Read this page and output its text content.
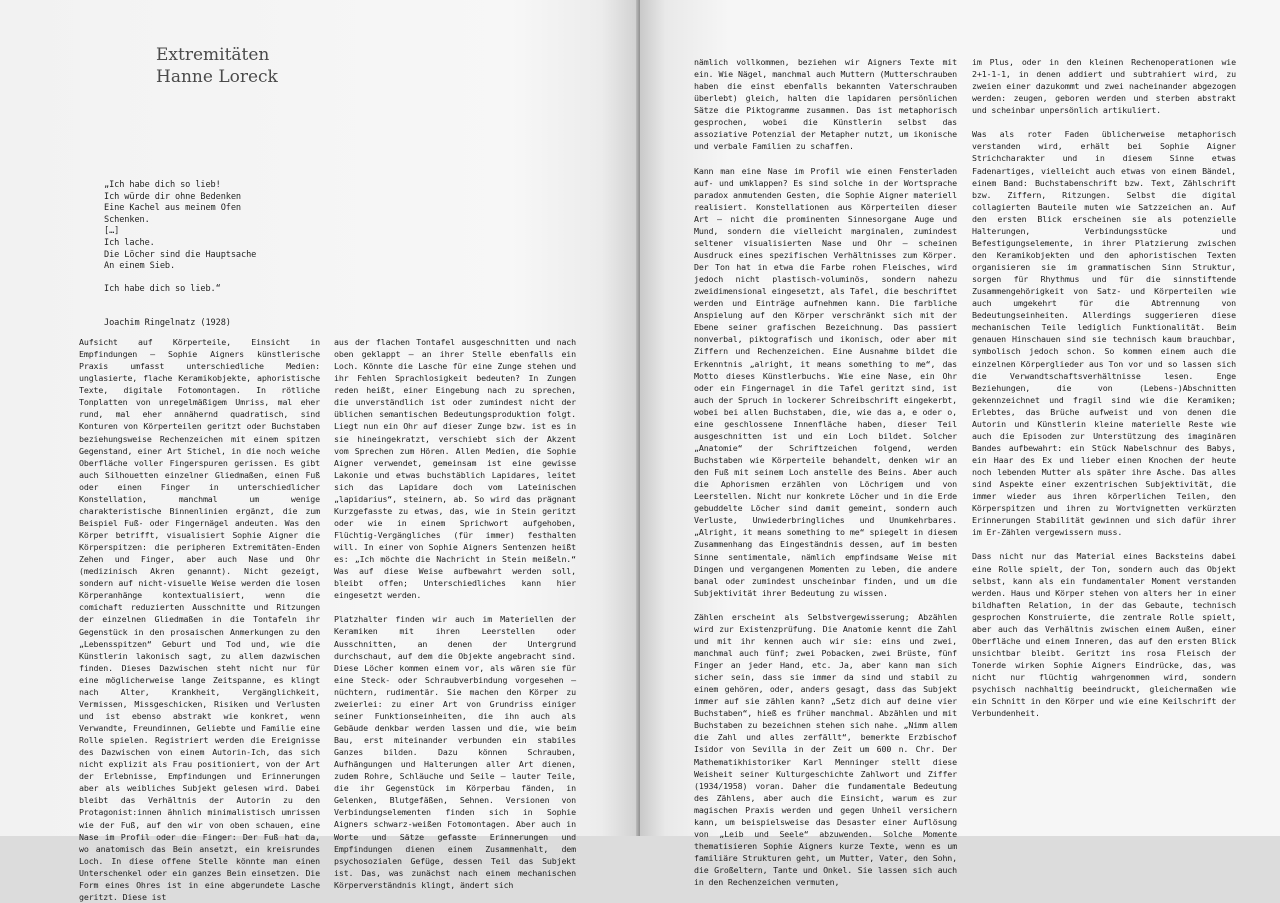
Extremitäten
Hanne Loreck

„Ich habe dich so lieb!

Ich würde dir ohne Bedenken

Eine Kachel aus meinem Ofen

Schenken.

[…]

Ich lache.

Die Löcher sind die Hauptsache

An einem Sieb.

Ich habe dich so lieb.“

Joachim Ringelnatz (1928)

Aufsicht auf Körperteile, Einsicht in Empfindungen – Sophie Aigners künstlerische Praxis umfasst unterschiedliche Medien: unglasierte, flache Keramikobjekte, aphoristische Texte, digitale Fotomontagen. In rötliche Tonplatten von unregelmäßigem Umriss, mal eher rund, mal eher annähernd quadratisch, sind Konturen von Körperteilen geritzt oder Buchstaben beziehungsweise Rechenzeichen mit einem spitzen Gegenstand, einer Art Stichel, in die noch weiche Oberfläche voller Fingerspuren gerissen. Es gibt auch Silhouetten einzelner Gliedmaßen, einen Fuß oder einen Finger in unterschiedlicher Konstellation, manchmal um wenige charakteristische Binnenlinien ergänzt, die zum Beispiel Fuß- oder Fingernägel andeuten. Was den Körper betrifft, visualisiert Sophie Aigner die Körperspitzen: die peripheren Extremitäten-Enden Zehen und Finger, aber auch Nase und Ohr (medizinisch Akren genannt). Nicht gezeigt, sondern auf nicht-visuelle Weise werden die losen Körperanhänge kontextualisiert, wenn die comichaft reduzierten Ausschnitte und Ritzungen der einzelnen Gliedmaßen in die Tontafeln ihr Gegenstück in den prosaischen Anmerkungen zu den „Lebensspitzen“ Geburt und Tod und, wie die Künstlerin lakonisch sagt, zu allem dazwischen finden. Dieses Dazwischen steht nicht nur für eine möglicherweise lange Zeitspanne, es klingt nach Alter, Krankheit, Vergänglichkeit, Vermissen, Missgeschicken, Risiken und Verlusten und ist ebenso abstrakt wie konkret, wenn Verwandte, Freundinnen, Geliebte und Familie eine Rolle spielen. Registriert werden die Ereignisse des Dazwischen von einem Autorin-Ich, das sich nicht explizit als Frau positioniert, von der Art der Erlebnisse, Empfindungen und Erinnerungen aber als weibliches Subjekt gelesen wird. Dabei bleibt das Verhältnis der Autorin zu den Protagonist:innen ähnlich minimalistisch umrissen wie der Fuß, auf den wir von oben schauen, eine Nase im Profil oder die Finger: Der Fuß hat da, wo anatomisch das Bein ansetzt, ein kreisrundes Loch. In diese offene Stelle könnte man einen Unterschenkel oder ein ganzes Bein einsetzen. Die Form eines Ohres ist in eine abgerundete Lasche geritzt. Diese ist

aus der flachen Tontafel ausgeschnitten und nach oben geklappt – an ihrer Stelle ebenfalls ein Loch. Könnte die Lasche für eine Zunge stehen und ihr Fehlen Sprachlosigkeit bedeuten? In Zungen reden heißt, einer Eingebung nach zu sprechen, die unverständlich ist oder zumindest nicht der üblichen semantischen Bedeutungsproduktion folgt. Liegt nun ein Ohr auf dieser Zunge bzw. ist es in sie hineingekratzt, verschiebt sich der Akzent vom Sprechen zum Hören. Allen Medien, die Sophie Aigner verwendet, gemeinsam ist eine gewisse Lakonie und etwas buchstäblich Lapidares, leitet sich das Lapidare doch vom Lateinischen „lapidarius“, steinern, ab. So wird das prägnant Kurzgefasste zu etwas, das, wie in Stein geritzt oder wie in einem Sprichwort aufgehoben, Flüchtig-Vergängliches (für immer) festhalten will. In einer von Sophie Aigners Sentenzen heißt es: „Ich möchte die Nachricht in Stein meißeln.“ Was auf diese Weise aufbewahrt werden soll, bleibt offen; Unterschiedliches kann hier eingesetzt werden.

Platzhalter finden wir auch im Materiellen der Keramiken mit ihren Leerstellen oder Ausschnitten, an denen der Untergrund durchschaut, auf dem die Objekte angebracht sind. Diese Löcher kommen einem vor, als wären sie für eine Steck- oder Schraubverbindung vorgesehen – nüchtern, rudimentär. Sie machen den Körper zu zweierlei: zu einer Art von Grundriss einiger seiner Funktionseinheiten, die ihn auch als Gebäude denkbar werden lassen und die, wie beim Bau, erst miteinander verbunden ein stabiles Ganzes bilden. Dazu können Schrauben, Aufhängungen und Halterungen aller Art dienen, zudem Rohre, Schläuche und Seile – lauter Teile, die ihr Gegenstück im Körperbau fänden, in Gelenken, Blutgefäßen, Sehnen. Versionen von Verbindungselementen finden sich in Sophie Aigners schwarz-weißen Fotomontagen. Aber auch in Worte und Sätze gefasste Erinnerungen und Empfindungen dienen einem Zusammenhalt, dem psychosozialen Gefüge, dessen Teil das Subjekt ist. Das, was zunächst nach einem mechanischen Körperverständnis klingt, ändert sich

nämlich vollkommen, beziehen wir Aigners Texte mit ein. Wie Nägel, manchmal auch Muttern (Mutterschrauben haben die einst ebenfalls bekannten Vaterschrauben überlebt) gleich, halten die lapidaren persönlichen Sätze die Piktogramme zusammen. Das ist metaphorisch gesprochen, wobei die Künstlerin selbst das assoziative Potenzial der Metapher nutzt, um ikonische und verbale Familien zu schaffen.

Kann man eine Nase im Profil wie einen Fensterladen auf- und umklappen? Es sind solche in der Wortsprache paradox anmutenden Gesten, die Sophie Aigner materiell realisiert. Konstellationen aus Körperteilen dieser Art – nicht die prominenten Sinnesorgane Auge und Mund, sondern die vielleicht marginalen, zumindest seltener visualisierten Nase und Ohr – scheinen Ausdruck eines spezifischen Verhältnisses zum Körper. Der Ton hat in etwa die Farbe rohen Fleisches, wird jedoch nicht plastisch-voluminös, sondern nahezu zweidimensional eingesetzt, als Tafel, die beschriftet werden und Einträge aufnehmen kann. Die farbliche Anspielung auf den Körper verschränkt sich mit der Ebene seiner grafischen Bezeichnung. Das passiert nonverbal, piktografisch und ikonisch, oder aber mit Ziffern und Rechenzeichen. Eine Ausnahme bildet die Erkenntnis „alright, it means something to me“, das Motto dieses Künstlerbuchs. Wie eine Nase, ein Ohr oder ein Fingernagel in die Tafel geritzt sind, ist auch der Spruch in lockerer Schreibschrift eingekerbt, wobei bei allen Buchstaben, die, wie das a, e oder o, eine geschlossene Innenfläche haben, dieser Teil ausgeschnitten ist und ein Loch bildet. Solcher „Anatomie“ der Schriftzeichen folgend, werden Buchstaben wie Körperteile behandelt, denken wir an den Fuß mit seinem Loch anstelle des Beins. Aber auch die Aphorismen erzählen von Löchrigem und von Leerstellen. Nicht nur konkrete Löcher und in die Erde gebuddelte Löcher sind damit gemeint, sondern auch Verluste, Unwiederbringliches und Unumkehrbares. „Alright, it means something to me“ spiegelt in diesem Zusammenhang das Eingeständnis dessen, auf im besten Sinne sentimentale, nämlich empfindsame Weise mit Dingen und vergangenen Momenten zu leben, die andere banal oder zumindest unscheinbar finden, und um die Subjektivität ihrer Bedeutung zu wissen.

Zählen erscheint als Selbstvergewisserung; Abzählen wird zur Existenzprüfung. Die Anatomie kennt die Zahl und mit ihr kennen auch wir sie: eins und zwei, manchmal auch fünf; zwei Pobacken, zwei Brüste, fünf Finger an jeder Hand, etc. Ja, aber kann man sich sicher sein, dass sie immer da sind und stabil zu einem gehören, oder, anders gesagt, dass das Subjekt immer auf sie zählen kann? „Setz dich auf deine vier Buchstaben“, hieß es früher manchmal. Abzählen und mit Buchstaben zu bezeichnen stehen sich nahe. „Nimm allem die Zahl und alles zerfällt“, bemerkte Erzbischof Isidor von Sevilla in der Zeit um 600 n. Chr. Der Mathematikhistoriker Karl Menninger stellt diese Weisheit seiner Kulturgeschichte Zahlwort und Ziffer (1934/1958) voran. Daher die fundamentale Bedeutung des Zählens, aber auch die Einsicht, warum es zur magischen Praxis werden und gegen Unheil versichern kann, um beispielsweise das Desaster einer Auflösung von „Leib und Seele“ abzuwenden. Solche Momente thematisieren Sophie Aigners kurze Texte, wenn es um familiäre Strukturen geht, um Mutter, Vater, den Sohn, die Großeltern, Tante und Onkel. Sie lassen sich auch in den Rechenzeichen vermuten,

im Plus, oder in den kleinen Rechenoperationen wie 2+1-1-1, in denen addiert und subtrahiert wird, zu zweien einer dazukommt und zwei nacheinander abgezogen werden: zeugen, geboren werden und sterben abstrakt und scheinbar unpersönlich artikuliert.

Was als roter Faden üblicherweise metaphorisch verstanden wird, erhält bei Sophie Aigner Strichcharakter und in diesem Sinne etwas Fadenartiges, vielleicht auch etwas von einem Bändel, einem Band: Buchstabenschrift bzw. Text, Zählschrift bzw. Ziffern, Ritzungen. Selbst die digital collagierten Bauteile muten wie Satzzeichen an. Auf den ersten Blick erscheinen sie als potenzielle Halterungen, Verbindungsstücke und Befestigungselemente, in ihrer Platzierung zwischen den Keramikobjekten und den aphoristischen Texten organisieren sie im grammatischen Sinn Struktur, sorgen für Rhythmus und für die sinnstiftende Zusammengehörigkeit von Satz- und Körperteilen wie auch umgekehrt für die Abtrennung von Bedeutungseinheiten. Allerdings suggerieren diese mechanischen Teile lediglich Funktionalität. Beim genauen Hinschauen sind sie technisch kaum brauchbar, symbolisch jedoch schon. So kommen einem auch die einzelnen Körperglieder aus Ton vor und so lassen sich die Verwandtschaftsverhältnisse lesen. Enge Beziehungen, die von (Lebens-)Abschnitten gekennzeichnet und fragil sind wie die Keramiken; Erlebtes, das Brüche aufweist und von denen die Autorin und Künstlerin kleine materielle Reste wie auch die Episoden zur Unterstützung des imaginären Bandes aufbewahrt: ein Stück Nabelschnur des Babys, ein Haar des Ex und lieber einen Knochen der heute noch lebenden Mutter als später ihre Asche. Das alles sind Aspekte einer exzentrischen Subjektivität, die immer wieder aus ihren körperlichen Teilen, den Körperspitzen und ihren zu Wortvignetten verkürzten Erinnerungen Stabilität gewinnen und sich dafür ihrer im Er-Zählen vergewissern muss.

Dass nicht nur das Material eines Backsteins dabei eine Rolle spielt, der Ton, sondern auch das Objekt selbst, kann als ein fundamentaler Moment verstanden werden. Haus und Körper stehen von alters her in einer bildhaften Relation, in der das Gebaute, technisch gesprochen Konstruierte, die zentrale Rolle spielt, aber auch das Verhältnis zwischen einem Außen, einer Oberfläche und einem Inneren, das auf den ersten Blick unsichtbar bleibt. Geritzt ins rosa Fleisch der Tonerde wirken Sophie Aigners Eindrücke, das, was nicht nur flüchtig wahrgenommen wird, sondern psychisch nachhaltig beeindruckt, gleichermaßen wie ein Schnitt in den Körper und wie eine Keilschrift der Verbundenheit.
